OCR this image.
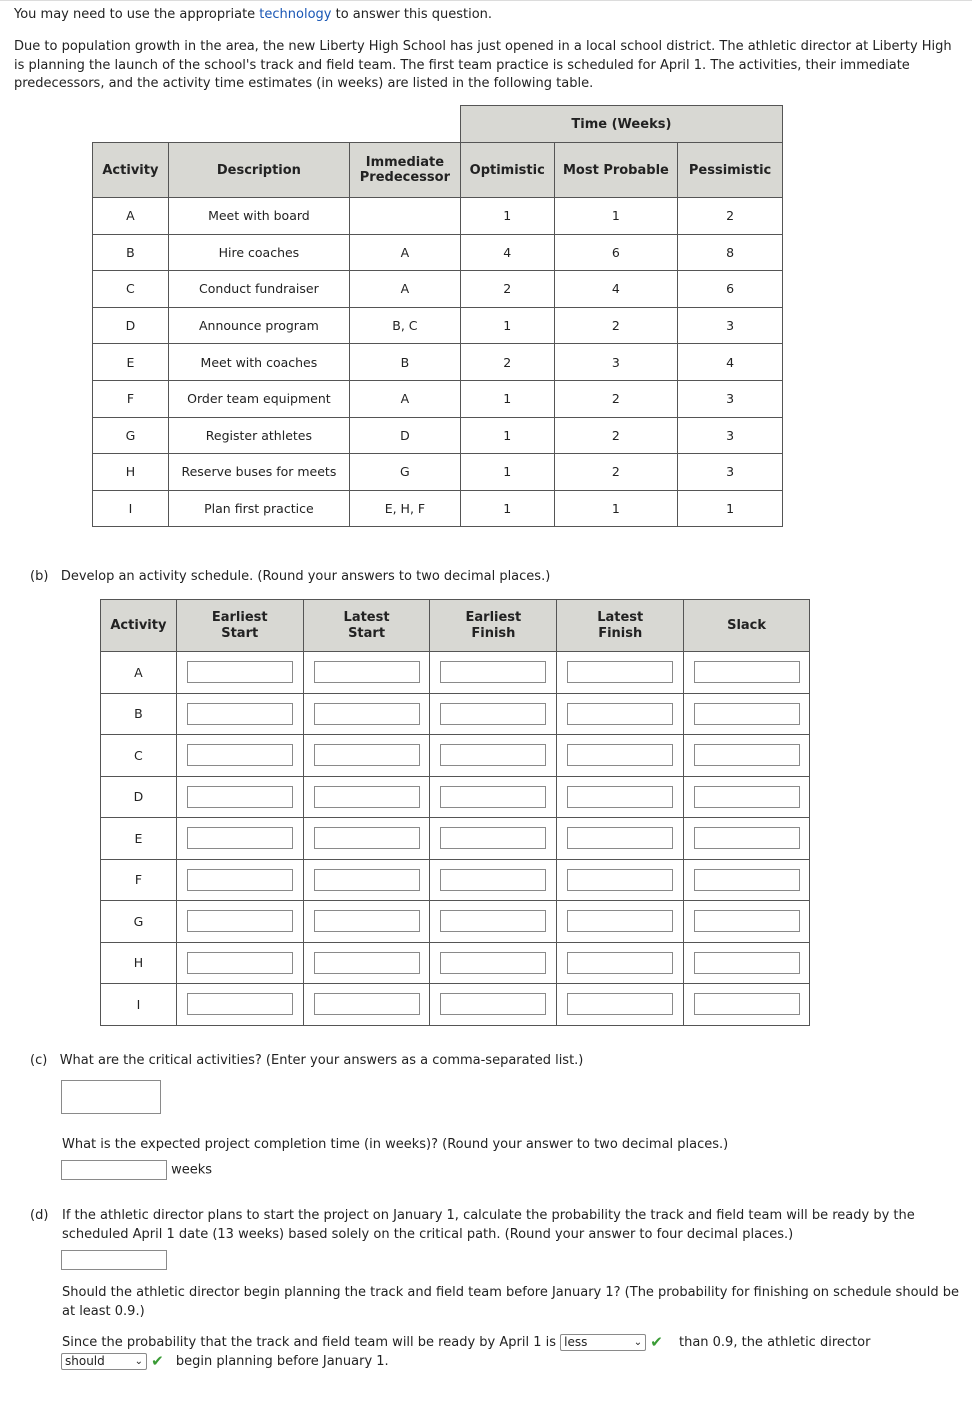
You may need to use the appropriate technology to answer this question.

Due to population growth in the area, the new Liberty High School has just opened in a local school district. The athletic director at Liberty High is planning the launch of the school's track and field team. The first team practice is scheduled for April 1. The activities, their immediate predecessors, and the activity time estimates (in weeks) are listed in the following table.

			Time (Weeks)		
Activity	Description	Immediate Predecessor	Optimistic	Most Probable	Pessimistic
A	Meet with board		1	1	2
B	Hire coaches	A	4	6	8
C	Conduct fundraiser	A	2	4	6
D	Announce program	B, C	1	2	3
E	Meet with coaches	B	2	3	4
F	Order team equipment	A	1	2	3
G	Register athletes	D	1	2	3
H	Reserve buses for meets	G	1	2	3
I	Plan first practice	E, H, F	1	1	1

(b) Develop an activity schedule. (Round your answers to two decimal places.)

Activity	Earliest Start	Latest Start	Earliest Finish	Latest Finish	Slack
A	

B	

C	

D	

E	

F	

G	

H	

I	

(c) What are the critical activities? (Enter your answers as a comma-separated list.)

What is the expected project completion time (in weeks)? (Round your answer to two decimal places.)

weeks

(d) If the athletic director plans to start the project on January 1, calculate the probability the track and field team will be ready by the scheduled April 1 date (13 weeks) based solely on the critical path. (Round your answer to four decimal places.)

Should the athletic director begin planning the track and field team before January 1? (The probability for finishing on schedule should be at least 0.9.)

Since the probability that the track and field team will be ready by April 1 is less	⌄ ✔ than 0.9, the athletic director
should	⌄ ✔ begin planning before January 1.
